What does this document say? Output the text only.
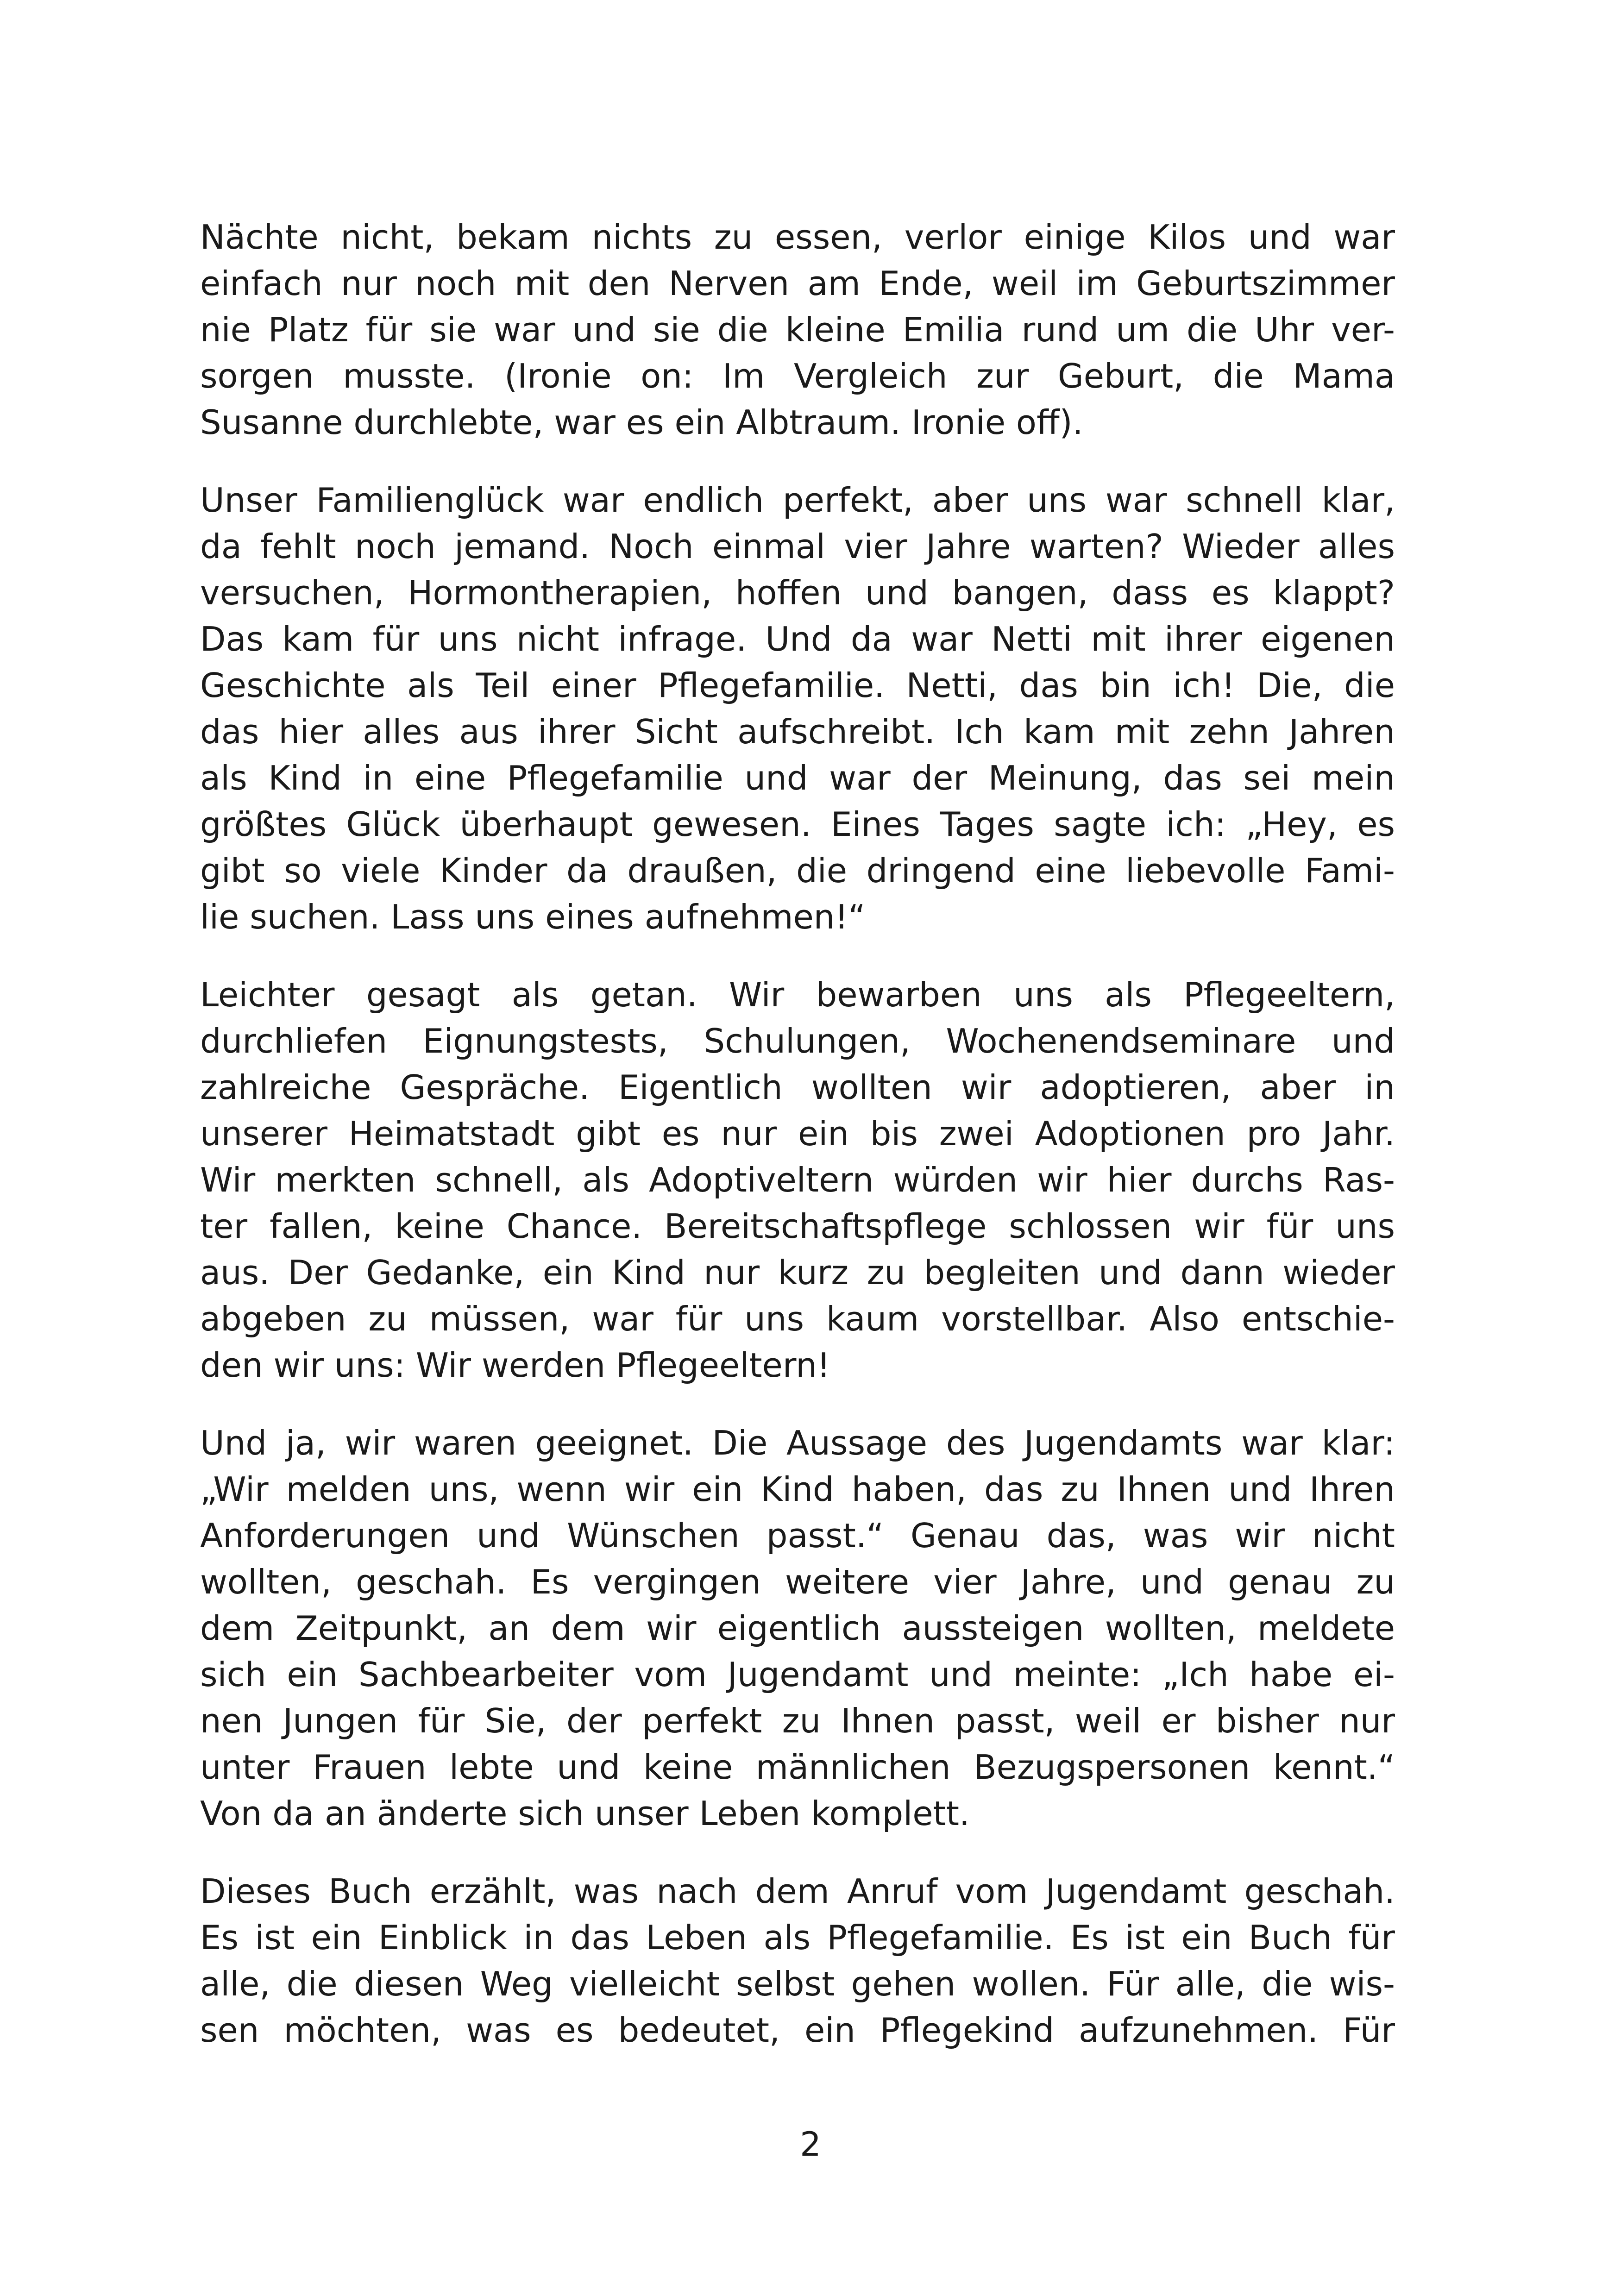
Nächte nicht, bekam nichts zu essen, verlor einige Kilos und war
einfach nur noch mit den Nerven am Ende, weil im Geburtszimmer
nie Platz für sie war und sie die kleine Emilia rund um die Uhr ver-
sorgen musste. (Ironie on: Im Vergleich zur Geburt, die Mama
Susanne durchlebte, war es ein Albtraum. Ironie off).

Unser Familienglück war endlich perfekt, aber uns war schnell klar,
da fehlt noch jemand. Noch einmal vier Jahre warten? Wieder alles
versuchen, Hormontherapien, hoffen und bangen, dass es klappt?
Das kam für uns nicht infrage. Und da war Netti mit ihrer eigenen
Geschichte als Teil einer Pflegefamilie. Netti, das bin ich! Die, die
das hier alles aus ihrer Sicht aufschreibt. Ich kam mit zehn Jahren
als Kind in eine Pflegefamilie und war der Meinung, das sei mein
größtes Glück überhaupt gewesen. Eines Tages sagte ich: „Hey, es
gibt so viele Kinder da draußen, die dringend eine liebevolle Fami-
lie suchen. Lass uns eines aufnehmen!“

Leichter gesagt als getan. Wir bewarben uns als Pflegeeltern,
durchliefen Eignungstests, Schulungen, Wochenendseminare und
zahlreiche Gespräche. Eigentlich wollten wir adoptieren, aber in
unserer Heimatstadt gibt es nur ein bis zwei Adoptionen pro Jahr.
Wir merkten schnell, als Adoptiveltern würden wir hier durchs Ras-
ter fallen, keine Chance. Bereitschaftspflege schlossen wir für uns
aus. Der Gedanke, ein Kind nur kurz zu begleiten und dann wieder
abgeben zu müssen, war für uns kaum vorstellbar. Also entschie-
den wir uns: Wir werden Pflegeeltern!

Und ja, wir waren geeignet. Die Aussage des Jugendamts war klar:
„Wir melden uns, wenn wir ein Kind haben, das zu Ihnen und Ihren
Anforderungen und Wünschen passt.“ Genau das, was wir nicht
wollten, geschah. Es vergingen weitere vier Jahre, und genau zu
dem Zeitpunkt, an dem wir eigentlich aussteigen wollten, meldete
sich ein Sachbearbeiter vom Jugendamt und meinte: „Ich habe ei-
nen Jungen für Sie, der perfekt zu Ihnen passt, weil er bisher nur
unter Frauen lebte und keine männlichen Bezugspersonen kennt.“
Von da an änderte sich unser Leben komplett.

Dieses Buch erzählt, was nach dem Anruf vom Jugendamt geschah.
Es ist ein Einblick in das Leben als Pflegefamilie. Es ist ein Buch für
alle, die diesen Weg vielleicht selbst gehen wollen. Für alle, die wis-
sen möchten, was es bedeutet, ein Pflegekind aufzunehmen. Für

2
